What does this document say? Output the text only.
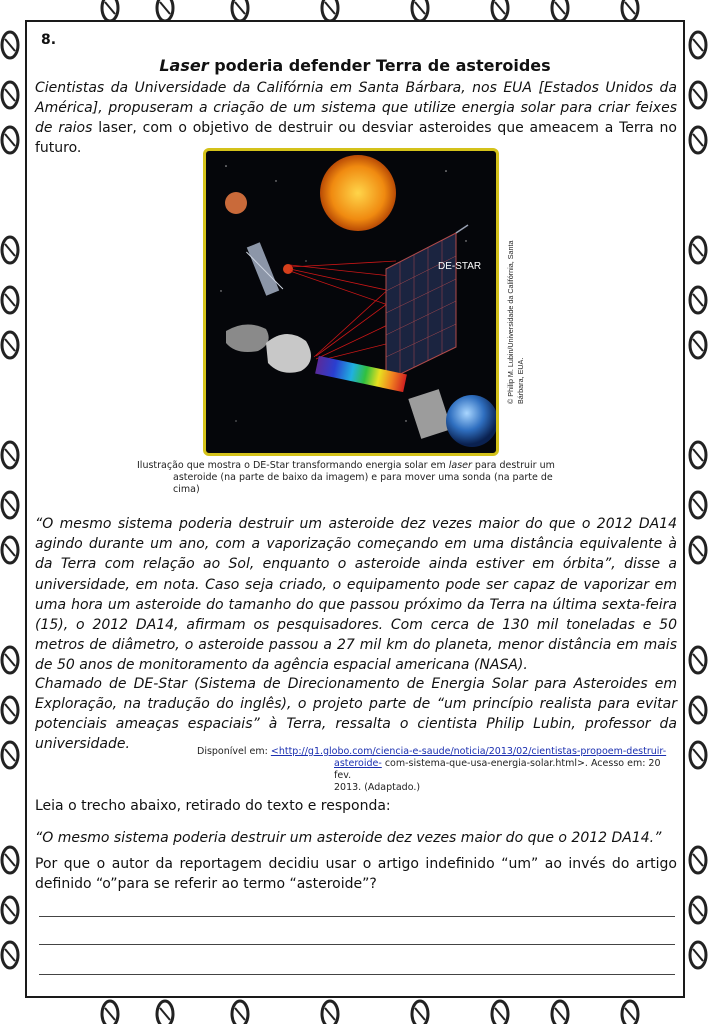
8.
Laser poderia defender Terra de asteroides
Cientistas da Universidade da Califórnia em Santa Bárbara, nos EUA [Estados Unidos da América], propuseram a criação de um sistema que utilize energia solar para criar feixes de raios laser, com o objetivo de destruir ou desviar asteroides que ameacem a Terra no futuro.
DE-STAR	© Philip M. Lubin/Universidade da Califórnia, Santa Bárbara, EUA.
Ilustração que mostra o DE-Star transformando energia solar em laser para destruir um
asteroide (na parte de baixo da imagem) e para mover uma sonda (na parte de
cima)
“O mesmo sistema poderia destruir um asteroide dez vezes maior do que o 2012 DA14 agindo durante um ano, com a vaporização começando em uma distância equivalente à da Terra com relação ao Sol, enquanto o asteroide ainda estiver em órbita”, disse a universidade, em nota. Caso seja criado, o equipamento pode ser capaz de vaporizar em uma hora um asteroide do tamanho do que passou próximo da Terra na última sexta-feira (15), o 2012 DA14, afirmam os pesquisadores. Com cerca de 130 mil toneladas e 50 metros de diâmetro, o asteroide passou a 27 mil km do planeta, menor distância em mais de 50 anos de monitoramento da agência espacial americana (NASA).
Chamado de DE-Star (Sistema de Direcionamento de Energia Solar para Asteroides em Exploração, na tradução do inglês), o projeto parte de “um princípio realista para evitar potenciais ameaças espaciais” à Terra, ressalta o cientista Philip Lubin, professor da universidade.	Disponível em: <http://g1.globo.com/ciencia-e-saude/noticia/2013/02/cientistas-propoem-destruir-
asteroide- com-sistema-que-usa-energia-solar.html>. Acesso em: 20 fev.
2013. (Adaptado.)
Leia o trecho abaixo, retirado do texto e responda:
“O mesmo sistema poderia destruir um asteroide dez vezes maior do que o 2012 DA14.”
Por que o autor da reportagem decidiu usar o artigo indefinido “um” ao invés do artigo definido “o”para se referir ao termo “asteroide”?
